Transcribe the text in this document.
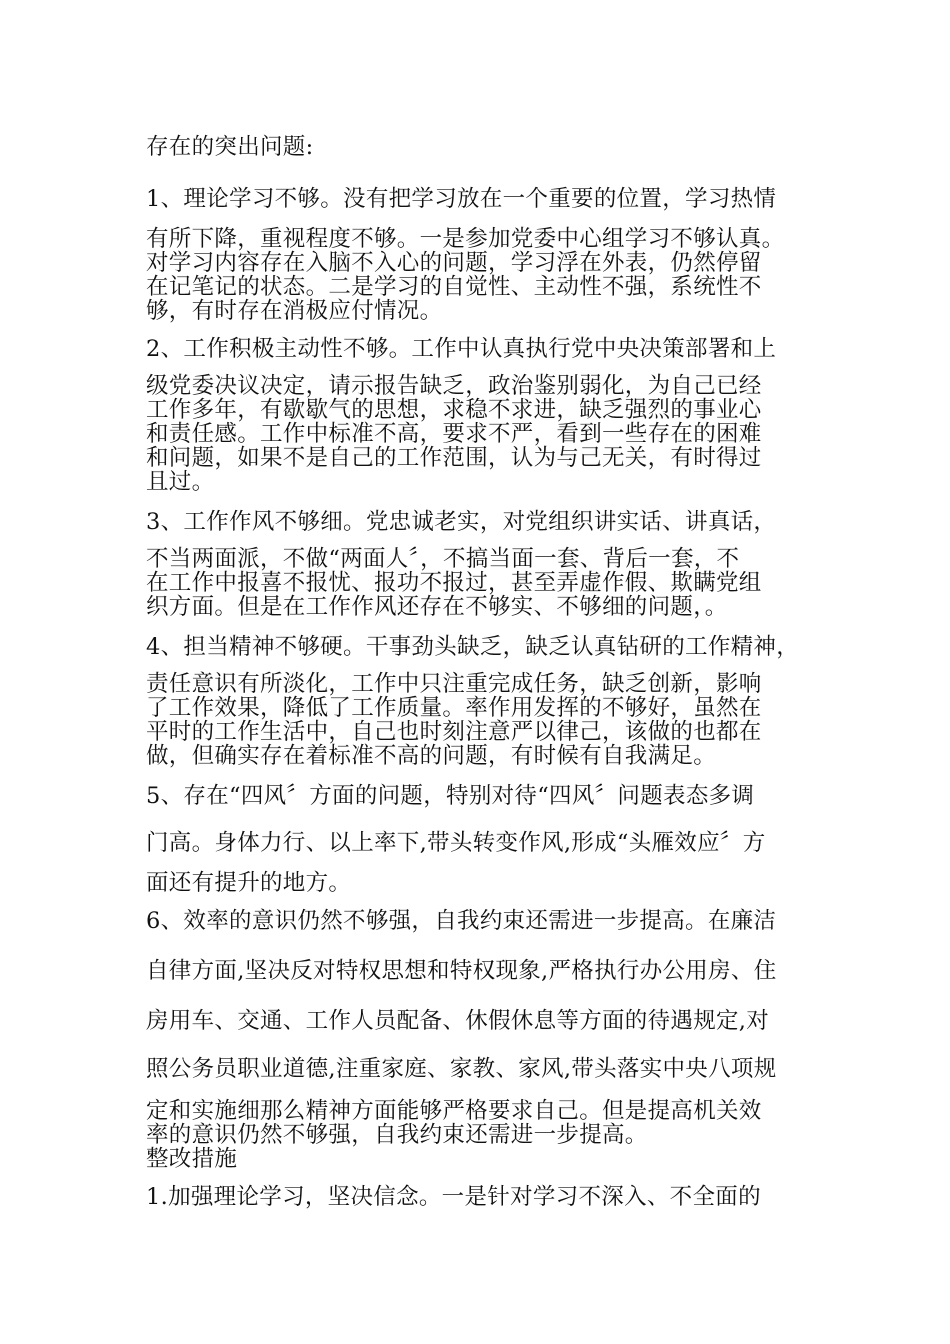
存在的突出问题:

1、理论学习不够。没有把学习放在一个重要的位置，学习热情

有所下降，重视程度不够。一是参加党委中心组学习不够认真。

对学习内容存在入脑不入心的问题，学习浮在外表，仍然停留

在记笔记的状态。二是学习的自觉性、主动性不强，系统性不

够，有时存在消极应付情况。

2、工作积极主动性不够。工作中认真执行党中央决策部署和上

级党委决议决定，请示报告缺乏，政治鉴别弱化，为自己已经

工作多年，有歇歇气的思想，求稳不求进，缺乏强烈的事业心

和责任感。工作中标准不高，要求不严，看到一些存在的困难

和问题，如果不是自己的工作范围，认为与己无关，有时得过

且过。

3、工作作风不够细。党忠诚老实，对党组织讲实话、讲真话，

不当两面派，不做“两面人〞，不搞当面一套、背后一套，不

在工作中报喜不报忧、报功不报过，甚至弄虚作假、欺瞒党组

织方面。但是在工作作风还存在不够实、不够细的问题，。

4、担当精神不够硬。干事劲头缺乏，缺乏认真钻研的工作精神，

责任意识有所淡化，工作中只注重完成任务，缺乏创新，影响

了工作效果，降低了工作质量。率作用发挥的不够好，虽然在

平时的工作生活中，自己也时刻注意严以律己，该做的也都在

做，但确实存在着标准不高的问题，有时候有自我满足。

5、存在“四风〞方面的问题，特别对待“四风〞问题表态多调

门高。身体力行、以上率下,带头转变作风,形成“头雁效应〞方

面还有提升的地方。

6、效率的意识仍然不够强，自我约束还需进一步提高。在廉洁

自律方面,坚决反对特权思想和特权现象,严格执行办公用房、住

房用车、交通、工作人员配备、休假休息等方面的待遇规定,对

照公务员职业道德,注重家庭、家教、家风,带头落实中央八项规

定和实施细那么精神方面能够严格要求自己。但是提高机关效

率的意识仍然不够强，自我约束还需进一步提高。

整改措施

1.加强理论学习，坚决信念。一是针对学习不深入、不全面的
